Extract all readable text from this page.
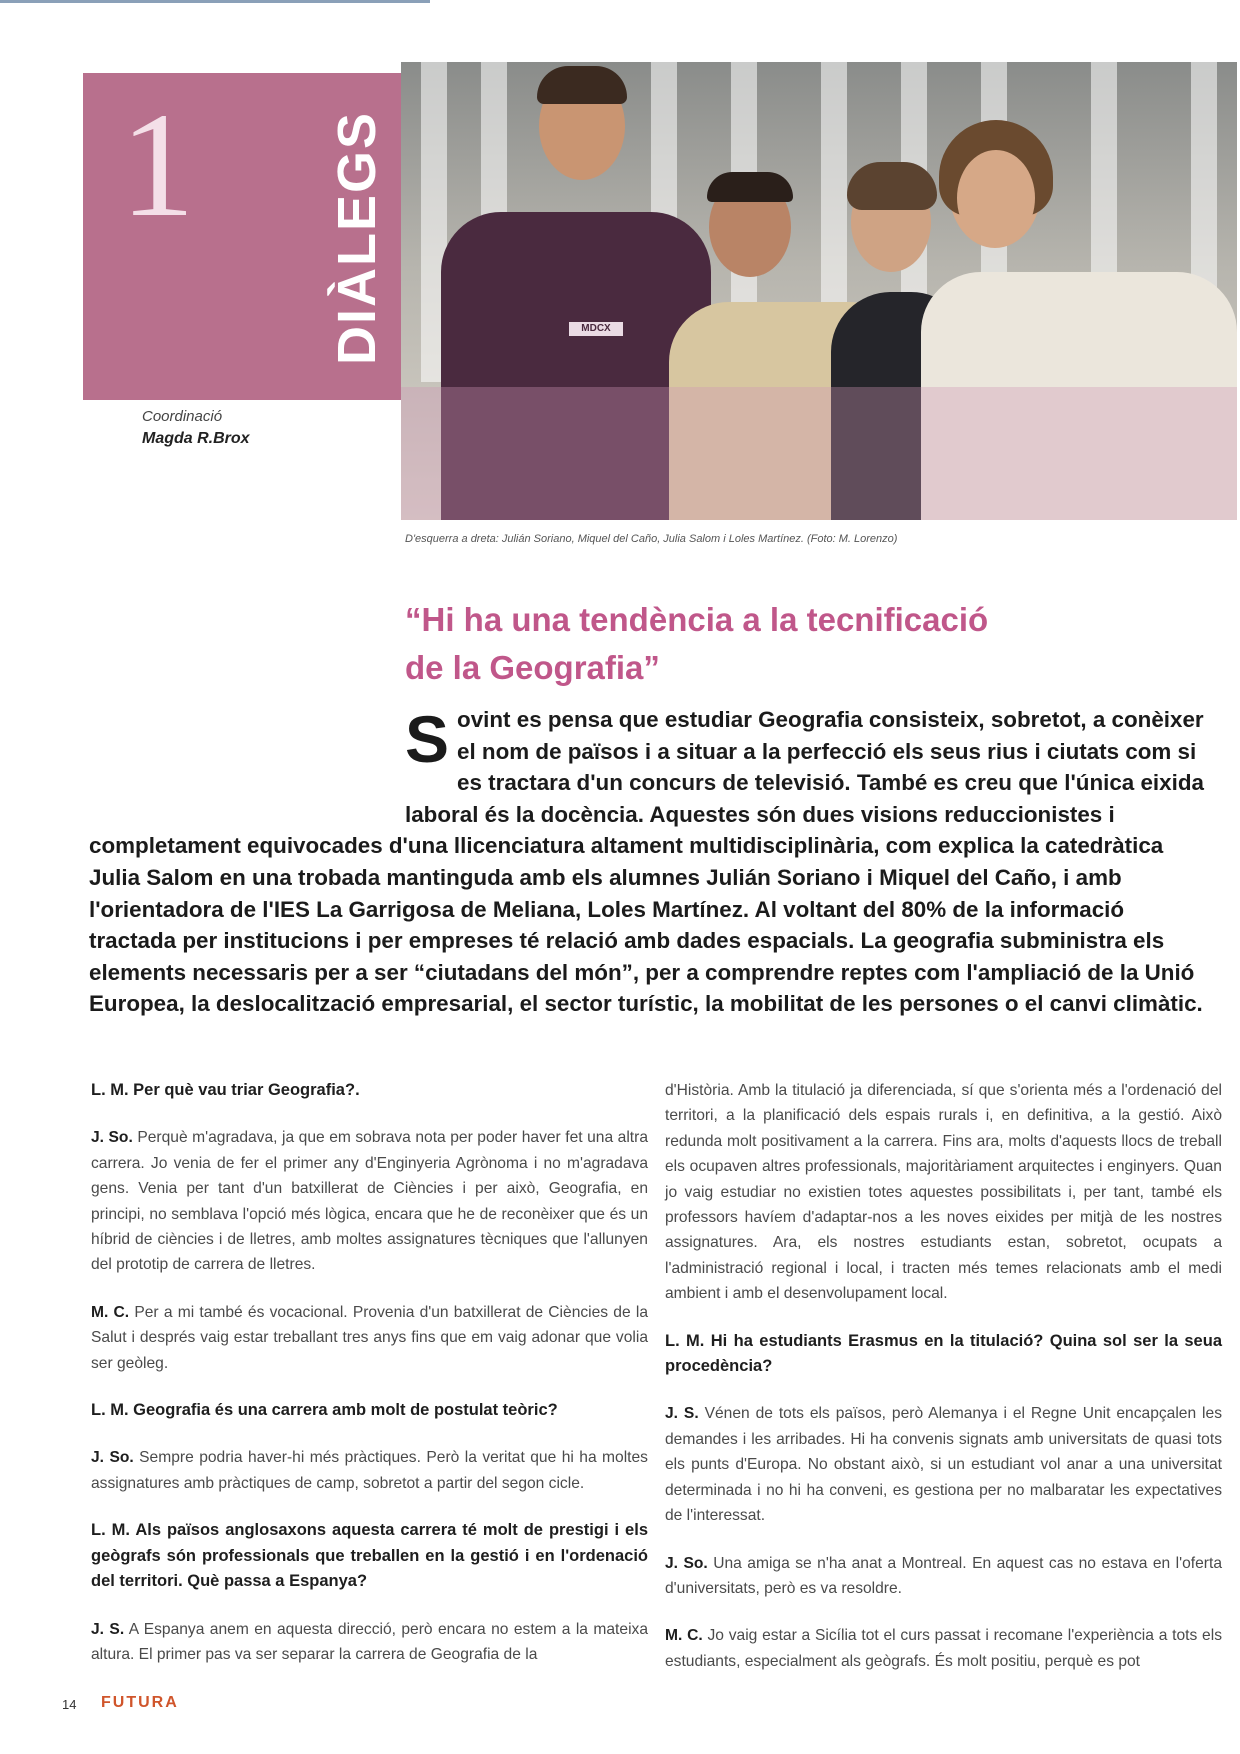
1 DIÀLEGS	MDCX
Coordinació
Magda R.Brox
D'esquerra a dreta: Julián Soriano, Miquel del Caño, Julia Salom i Loles Martínez. (Foto: M. Lorenzo)
“Hi ha una tendència a la tecnificació
de la Geografia”
S ovint es pensa que estudiar Geografia consisteix, sobretot, a conèixer el nom de països i a situar a la perfecció els seus rius i ciutats com si es tractara d'un concurs de televisió. També es creu que l'única eixida laboral és la docència. Aquestes són dues visions reduccionistes i completament equivocades d'una llicenciatura altament multidisciplinària, com explica la catedràtica Julia Salom en una trobada mantinguda amb els alumnes Julián Soriano i Miquel del Caño, i amb l'orientadora de l'IES La Garrigosa de Meliana, Loles Martínez. Al voltant del 80% de la informació tractada per institucions i per empreses té relació amb dades espacials. La geografia subministra els elements necessaris per a ser “ciutadans del món”, per a comprendre reptes com l'ampliació de la Unió Europea, la deslocalització empresarial, el sector turístic, la mobilitat de les persones o el canvi climàtic.

L. M. Per què vau triar Geografia?.

J. So. Perquè m'agradava, ja que em sobrava nota per poder haver fet una altra carrera. Jo venia de fer el primer any d'Enginyeria Agrònoma i no m'agradava gens. Venia per tant d'un batxillerat de Ciències i per això, Geografia, en principi, no semblava l'opció més lògica, encara que he de reconèixer que és un híbrid de ciències i de lletres, amb moltes assignatures tècniques que l'allunyen del prototip de carrera de lletres.

M. C. Per a mi també és vocacional. Provenia d'un batxillerat de Ciències de la Salut i després vaig estar treballant tres anys fins que em vaig adonar que volia ser geòleg.

L. M. Geografia és una carrera amb molt de postulat teòric?

J. So. Sempre podria haver-hi més pràctiques. Però la veritat que hi ha moltes assignatures amb pràctiques de camp, sobretot a partir del segon cicle.

L. M. Als països anglosaxons aquesta carrera té molt de prestigi i els geògrafs són professionals que treballen en la gestió i en l'ordenació del territori. Què passa a Espanya?

J. S. A Espanya anem en aquesta direcció, però encara no estem a la mateixa altura. El primer pas va ser separar la carrera de Geografia de la

d'Història. Amb la titulació ja diferenciada, sí que s'orienta més a l'ordenació del territori, a la planificació dels espais rurals i, en definitiva, a la gestió. Això redunda molt positivament a la carrera. Fins ara, molts d'aquests llocs de treball els ocupaven altres professionals, majoritàriament arquitectes i enginyers. Quan jo vaig estudiar no existien totes aquestes possibilitats i, per tant, també els professors havíem d'adaptar-nos a les noves eixides per mitjà de les nostres assignatures. Ara, els nostres estudiants estan, sobretot, ocupats a l'administració regional i local, i tracten més temes relacionats amb el medi ambient i amb el desenvolupament local.

L. M. Hi ha estudiants Erasmus en la titulació? Quina sol ser la seua procedència?

J. S. Vénen de tots els països, però Alemanya i el Regne Unit encapçalen les demandes i les arribades. Hi ha convenis signats amb universitats de quasi tots els punts d'Europa. No obstant això, si un estudiant vol anar a una universitat determinada i no hi ha conveni, es gestiona per no malbaratar les expectatives de l'interessat.

J. So. Una amiga se n'ha anat a Montreal. En aquest cas no estava en l'oferta d'universitats, però es va resoldre.

M. C. Jo vaig estar a Sicília tot el curs passat i recomane l'experiència a tots els estudiants, especialment als geògrafs. És molt positiu, perquè es pot

14 FUTURA
